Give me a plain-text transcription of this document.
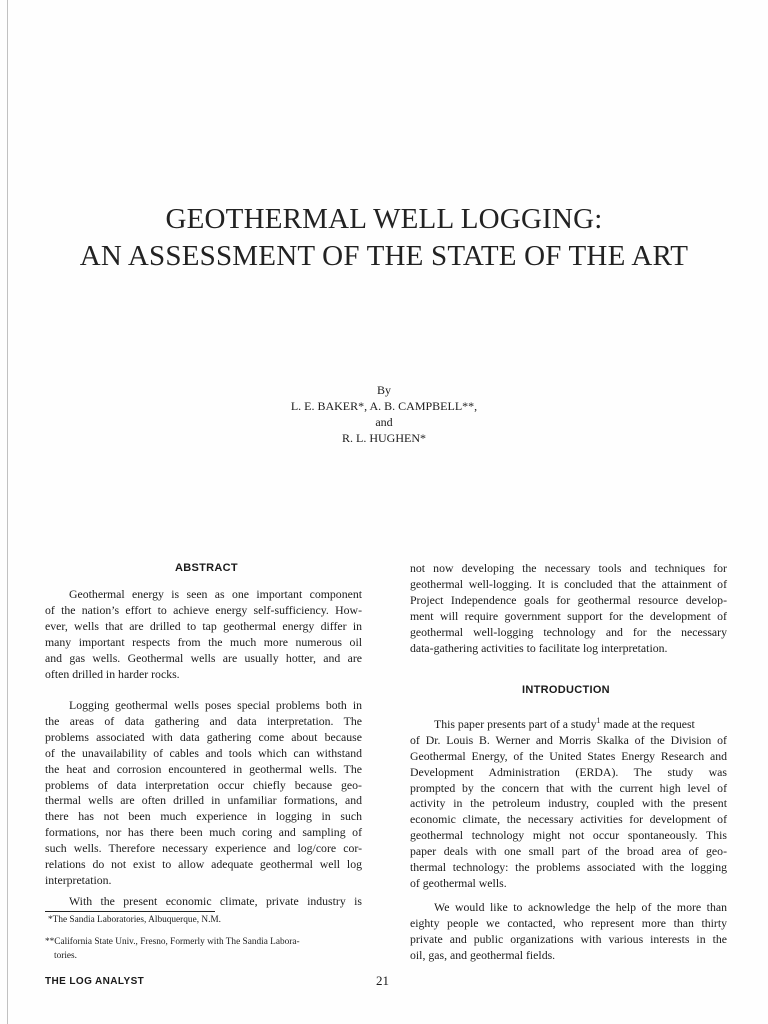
GEOTHERMAL WELL LOGGING:
AN ASSESSMENT OF THE STATE OF THE ART
By
L. E. BAKER*, A. B. CAMPBELL**,
and
R. L. HUGHEN*
ABSTRACT
Geothermal energy is seen as one important component
of the nation’s effort to achieve energy self-sufficiency. How-
ever, wells that are drilled to tap geothermal energy differ in
many important respects from the much more numerous oil
and gas wells. Geothermal wells are usually hotter, and are
often drilled in harder rocks.
Logging geothermal wells poses special problems both in
the areas of data gathering and data interpretation. The
problems associated with data gathering come about because
of the unavailability of cables and tools which can withstand
the heat and corrosion encountered in geothermal wells. The
problems of data interpretation occur chiefly because geo-
thermal wells are often drilled in unfamiliar formations, and
there has not been much experience in logging in such
formations, nor has there been much coring and sampling of
such wells. Therefore necessary experience and log/core cor-
relations do not exist to allow adequate geothermal well log
interpretation.
With the present economic climate, private industry is
*The Sandia Laboratories, Albuquerque, N.M.
**California State Univ., Fresno, Formerly with The Sandia Labora-
tories.
not now developing the necessary tools and techniques for
geothermal well-logging. It is concluded that the attainment of
Project Independence goals for geothermal resource develop-
ment will require government support for the development of
geothermal well-logging technology and for the necessary
data-gathering activities to facilitate log interpretation.
INTRODUCTION
This paper presents part of a study$^1$ made at the request
of Dr. Louis B. Werner and Morris Skalka of the Division of
Geothermal Energy, of the United States Energy Research and
Development Administration (ERDA). The study was
prompted by the concern that with the current high level of
activity in the petroleum industry, coupled with the present
economic climate, the necessary activities for development of
geothermal technology might not occur spontaneously. This
paper deals with one small part of the broad area of geo-
thermal technology: the problems associated with the logging
of geothermal wells.
We would like to acknowledge the help of the more than
eighty people we contacted, who represent more than thirty
private and public organizations with various interests in the
oil, gas, and geothermal fields.
THE LOG ANALYST	21
